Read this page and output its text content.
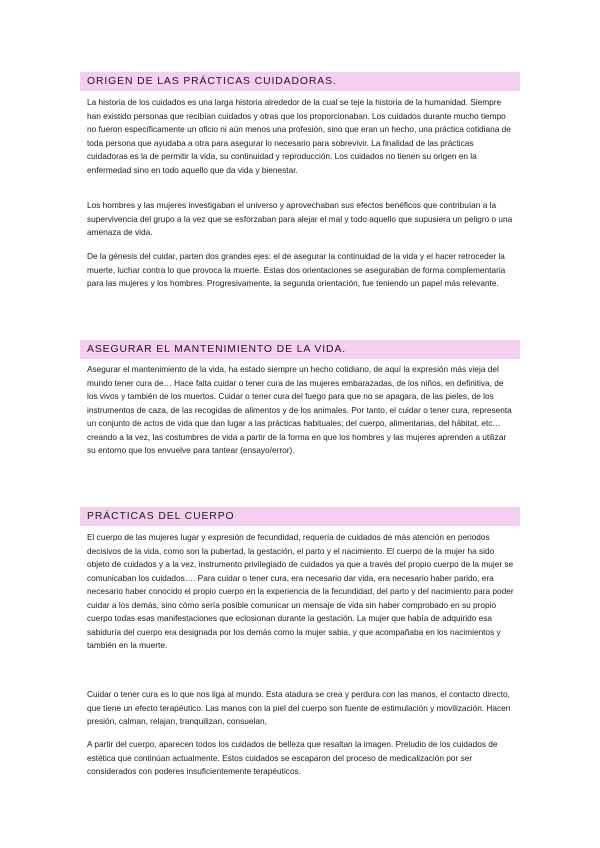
ORIGEN DE LAS PRÁCTICAS CUIDADORAS.

La historia de los cuidados es una larga historia alrededor de la cual se teje la historia de la humanidad. Siempre han existido personas que recibían cuidados y otras que los proporcionaban. Los cuidados durante mucho tiempo no fueron específicamente un oficio ni aún menos una profesión, sino que eran un hecho, una práctica cotidiana de toda persona que ayudaba a otra para asegurar lo necesario para sobrevivir. La finalidad de las prácticas cuidadoras es la de permitir la vida, su continuidad y reproducción. Los cuidados no tienen su origen en la enfermedad sino en todo aquello que da vida y bienestar.

Los hombres y las mujeres investigaban el universo y aprovechaban sus efectos benéficos que contribuían a la supervivencia del grupo a la vez que se esforzaban para alejar el mal y todo aquello que supusiera un peligro o una amenaza de vida.

De la génesis del cuidar, parten dos grandes ejes: el de asegurar la continuidad de la vida y el hacer retroceder la muerte, luchar contra lo que provoca la muerte. Estas dos orientaciones se aseguraban de forma complementaria para las mujeres y los hombres. Progresivamente, la segunda orientación, fue teniendo un papel más relevante.

ASEGURAR EL MANTENIMIENTO DE LA VIDA.

Asegurar el mantenimiento de la vida, ha estado siempre un hecho cotidiano, de aquí la expresión más vieja del mundo tener cura de… Hace falta cuidar o tener cura de las mujeres embarazadas, de los niños, en definitiva, de los vivos y también de los muertos. Cuidar o tener cura del fuego para que no se apagara, de las pieles, de los instrumentos de caza, de las recogidas de alimentos y de los animales. Por tanto, el cuidar o tener cura, representa un conjunto de actos de vida que dan lugar a las prácticas habituales; del cuerpo, alimentarias, del hábitat, etc…creando a la vez, las costumbres de vida a partir de la forma en que los hombres y las mujeres aprenden a utilizar su entorno que los envuelve para tantear (ensayo/error).

PRÁCTICAS DEL CUERPO

El cuerpo de las mujeres lugar y expresión de fecundidad, requería de cuidados de más atención en periodos decisivos de la vida, como son la pubertad, la gestación, el parto y el nacimiento. El cuerpo de la mujer ha sido objeto de cuidados y a la vez, instrumento privilegiado de cuidados ya que a través del propio cuerpo de la mujer se comunicaban los cuidados…. Para cuidar o tener cura, era necesario dar vida, era necesario haber parido, era necesario haber conocido el propio cuerpo en la experiencia de la fecundidad, del parto y del nacimiento para poder cuidar a los demás, sino cómo sería posible comunicar un mensaje de vida sin haber comprobado en su propio cuerpo todas esas manifestaciones que eclosionan durante la gestación. La mujer que había de adquirido esa sabiduría del cuerpo era designada por los demás como la mujer sabia, y que acompañaba en los nacimientos y también en la muerte.

Cuidar o tener cura es lo que nos liga al mundo. Esta atadura se crea y perdura con las manos, el contacto directo, que tiene un efecto terapéutico. Las manos con la piel del cuerpo son fuente de estimulación y movilización. Hacen presión, calman, relajan, tranquilizan, consuelan,

A partir del cuerpo, aparecen todos los cuidados de belleza que resaltan la imagen. Preludio de los cuidados de estética que continúan actualmente. Estos cuidados se escaparon del proceso de medicalización por ser considerados con poderes insuficientemente terapéuticos.
